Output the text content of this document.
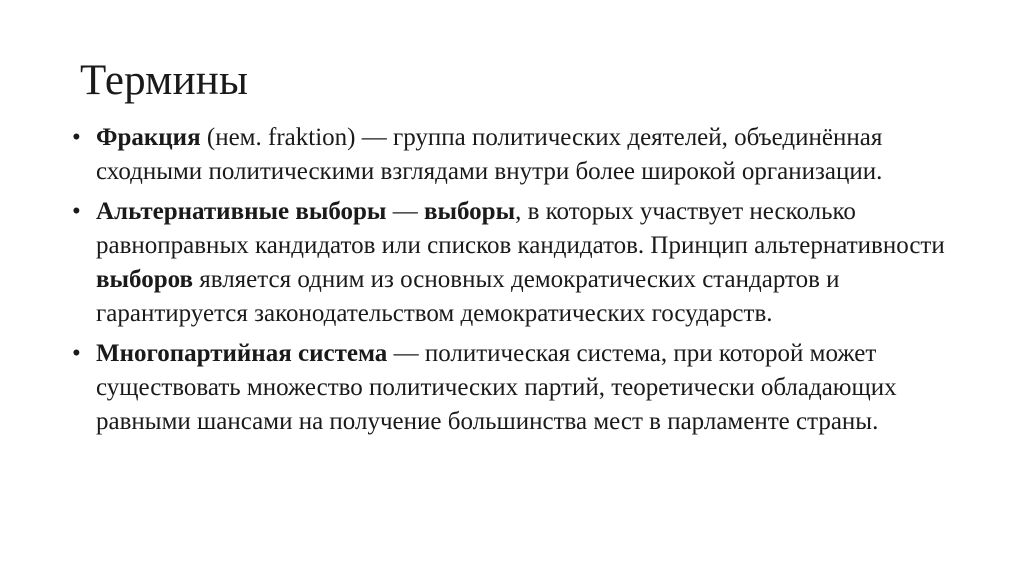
Термины
• Фракция (нем. fraktion) — группа политических деятелей, объединённая сходными политическими взглядами внутри более широкой организации.
• Альтернативные выборы — выборы, в которых участвует несколько равноправных кандидатов или списков кандидатов. Принцип альтернативности выборов является одним из основных демократических стандартов и гарантируется законодательством демократических государств.
• Многопартийная система — политическая система, при которой может существовать множество политических партий, теоретически обладающих равными шансами на получение большинства мест в парламенте страны.
